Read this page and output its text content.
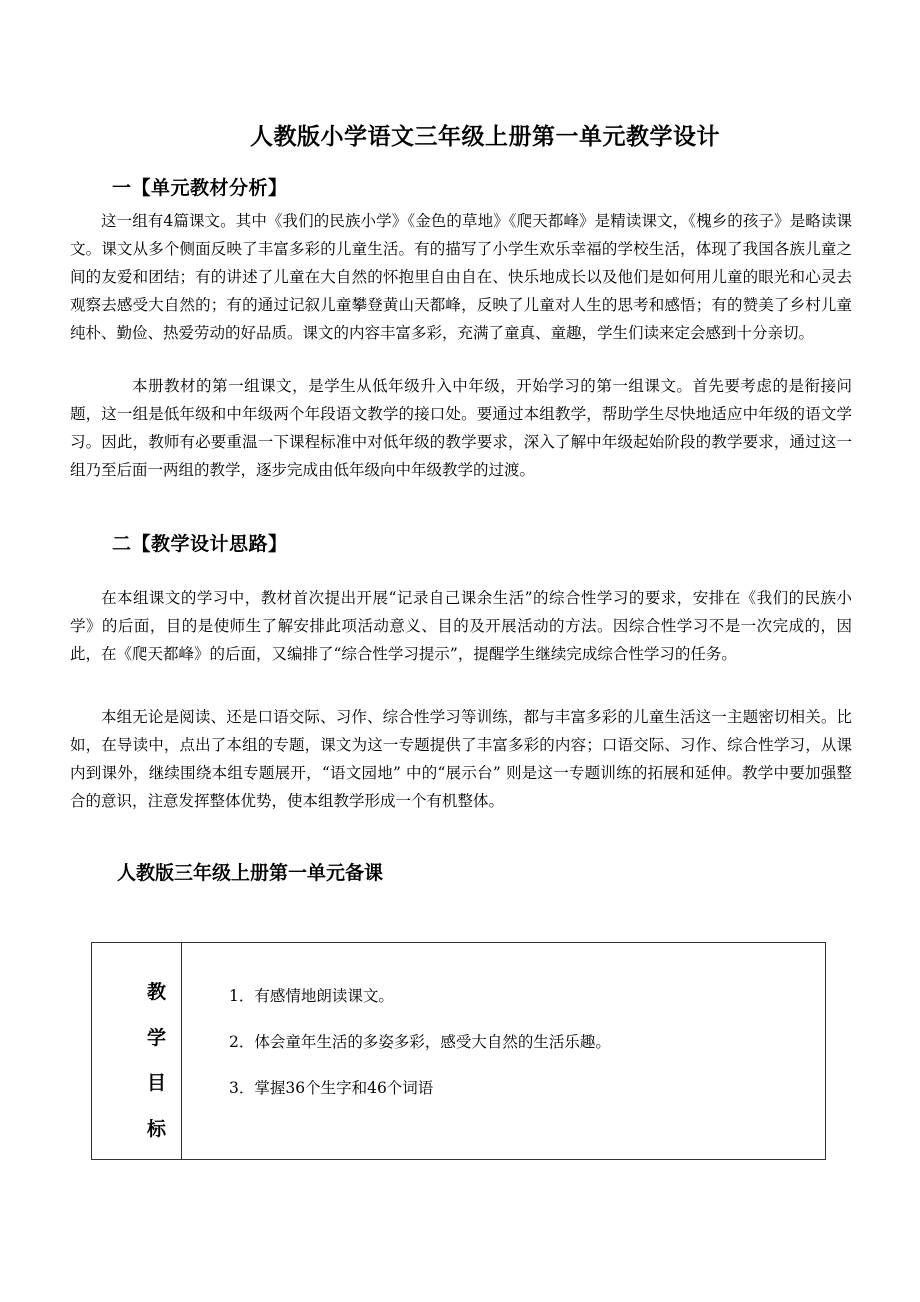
人教版小学语文三年级上册第一单元教学设计
一【单元教材分析】
这一组有4篇课文。其中《我们的民族小学》《金色的草地》《爬天都峰》是精读课文，《槐乡的孩子》是略读课文。课文从多个侧面反映了丰富多彩的儿童生活。有的描写了小学生欢乐幸福的学校生活，体现了我国各族儿童之间的友爱和团结；有的讲述了儿童在大自然的怀抱里自由自在、快乐地成长以及他们是如何用儿童的眼光和心灵去观察去感受大自然的；有的通过记叙儿童攀登黄山天都峰，反映了儿童对人生的思考和感悟；有的赞美了乡村儿童纯朴、勤俭、热爱劳动的好品质。课文的内容丰富多彩，充满了童真、童趣，学生们读来定会感到十分亲切。
本册教材的第一组课文，是学生从低年级升入中年级，开始学习的第一组课文。首先要考虑的是衔接问题，这一组是低年级和中年级两个年段语文教学的接口处。要通过本组教学，帮助学生尽快地适应中年级的语文学习。因此，教师有必要重温一下课程标准中对低年级的教学要求，深入了解中年级起始阶段的教学要求，通过这一组乃至后面一两组的教学，逐步完成由低年级向中年级教学的过渡。
二【教学设计思路】
在本组课文的学习中，教材首次提出开展“记录自己课余生活”的综合性学习的要求，安排在《我们的民族小学》的后面，目的是使师生了解安排此项活动意义、目的及开展活动的方法。因综合性学习不是一次完成的，因此，在《爬天都峰》的后面，又编排了“综合性学习提示”，提醒学生继续完成综合性学习的任务。
本组无论是阅读、还是口语交际、习作、综合性学习等训练，都与丰富多彩的儿童生活这一主题密切相关。比如，在导读中，点出了本组的专题，课文为这一专题提供了丰富多彩的内容；口语交际、习作、综合性学习，从课内到课外，继续围绕本组专题展开，“语文园地” 中的“展示台” 则是这一专题训练的拓展和延伸。教学中要加强整合的意识，注意发挥整体优势，使本组教学形成一个有机整体。
人教版三年级上册第一单元备课
教
学
目
标
1．有感情地朗读课文。
2．体会童年生活的多姿多彩，感受大自然的生活乐趣。
3．掌握36个生字和46个词语
